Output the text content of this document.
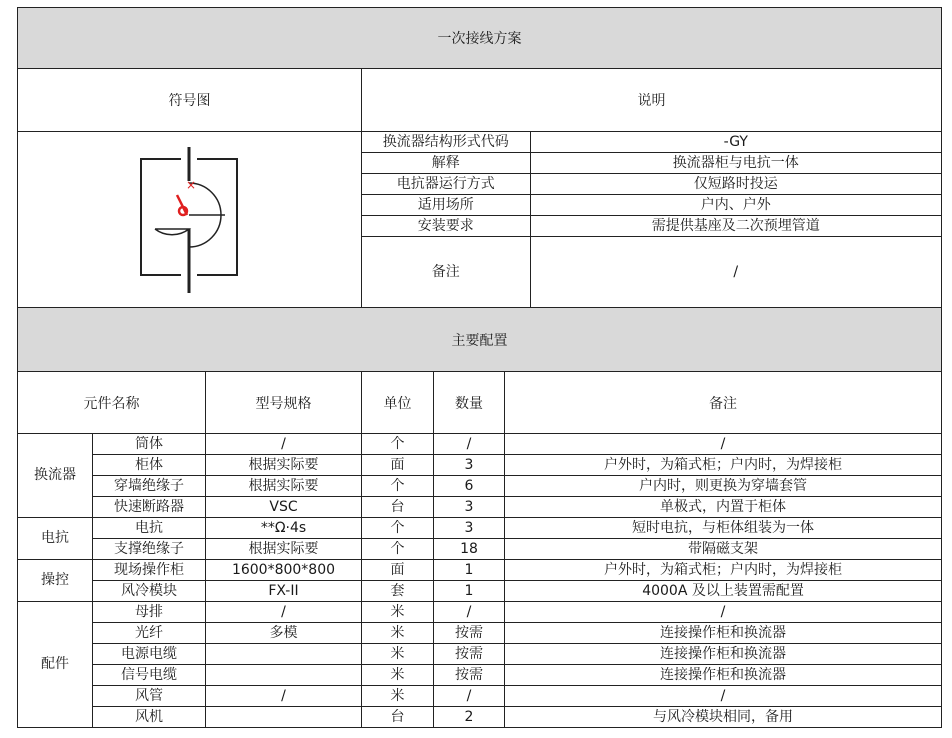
一次接线方案
符号图	说明

×

换流器结构形式代码	-GY
解释	换流器柜与电抗一体
电抗器运行方式	仅短路时投运
适用场所	户内、户外
安装要求	需提供基座及二次预埋管道
备注	/

主要配置
元件名称	型号规格	单位	数量	备注
换流器	筒体	/	个	/	/
柜体	根据实际要	面	3	户外时，为箱式柜；户内时，为焊接柜
穿墙绝缘子	根据实际要	个	6	户内时，则更换为穿墙套管
快速断路器	VSC	台	3	单极式，内置于柜体
电抗	电抗	**Ω·4s	个	3	短时电抗，与柜体组装为一体
支撑绝缘子	根据实际要	个	18	带隔磁支架
操控	现场操作柜	1600*800*800	面	1	户外时，为箱式柜；户内时，为焊接柜
风冷模块	FX-II	套	1	4000A 及以上装置需配置
配件	母排	/	米	/	/
光纤	多模	米	按需	连接操作柜和换流器
电源电缆		米	按需	连接操作柜和换流器
信号电缆		米	按需	连接操作柜和换流器
风管	/	米	/	/
风机		台	2	与风冷模块相同，备用
